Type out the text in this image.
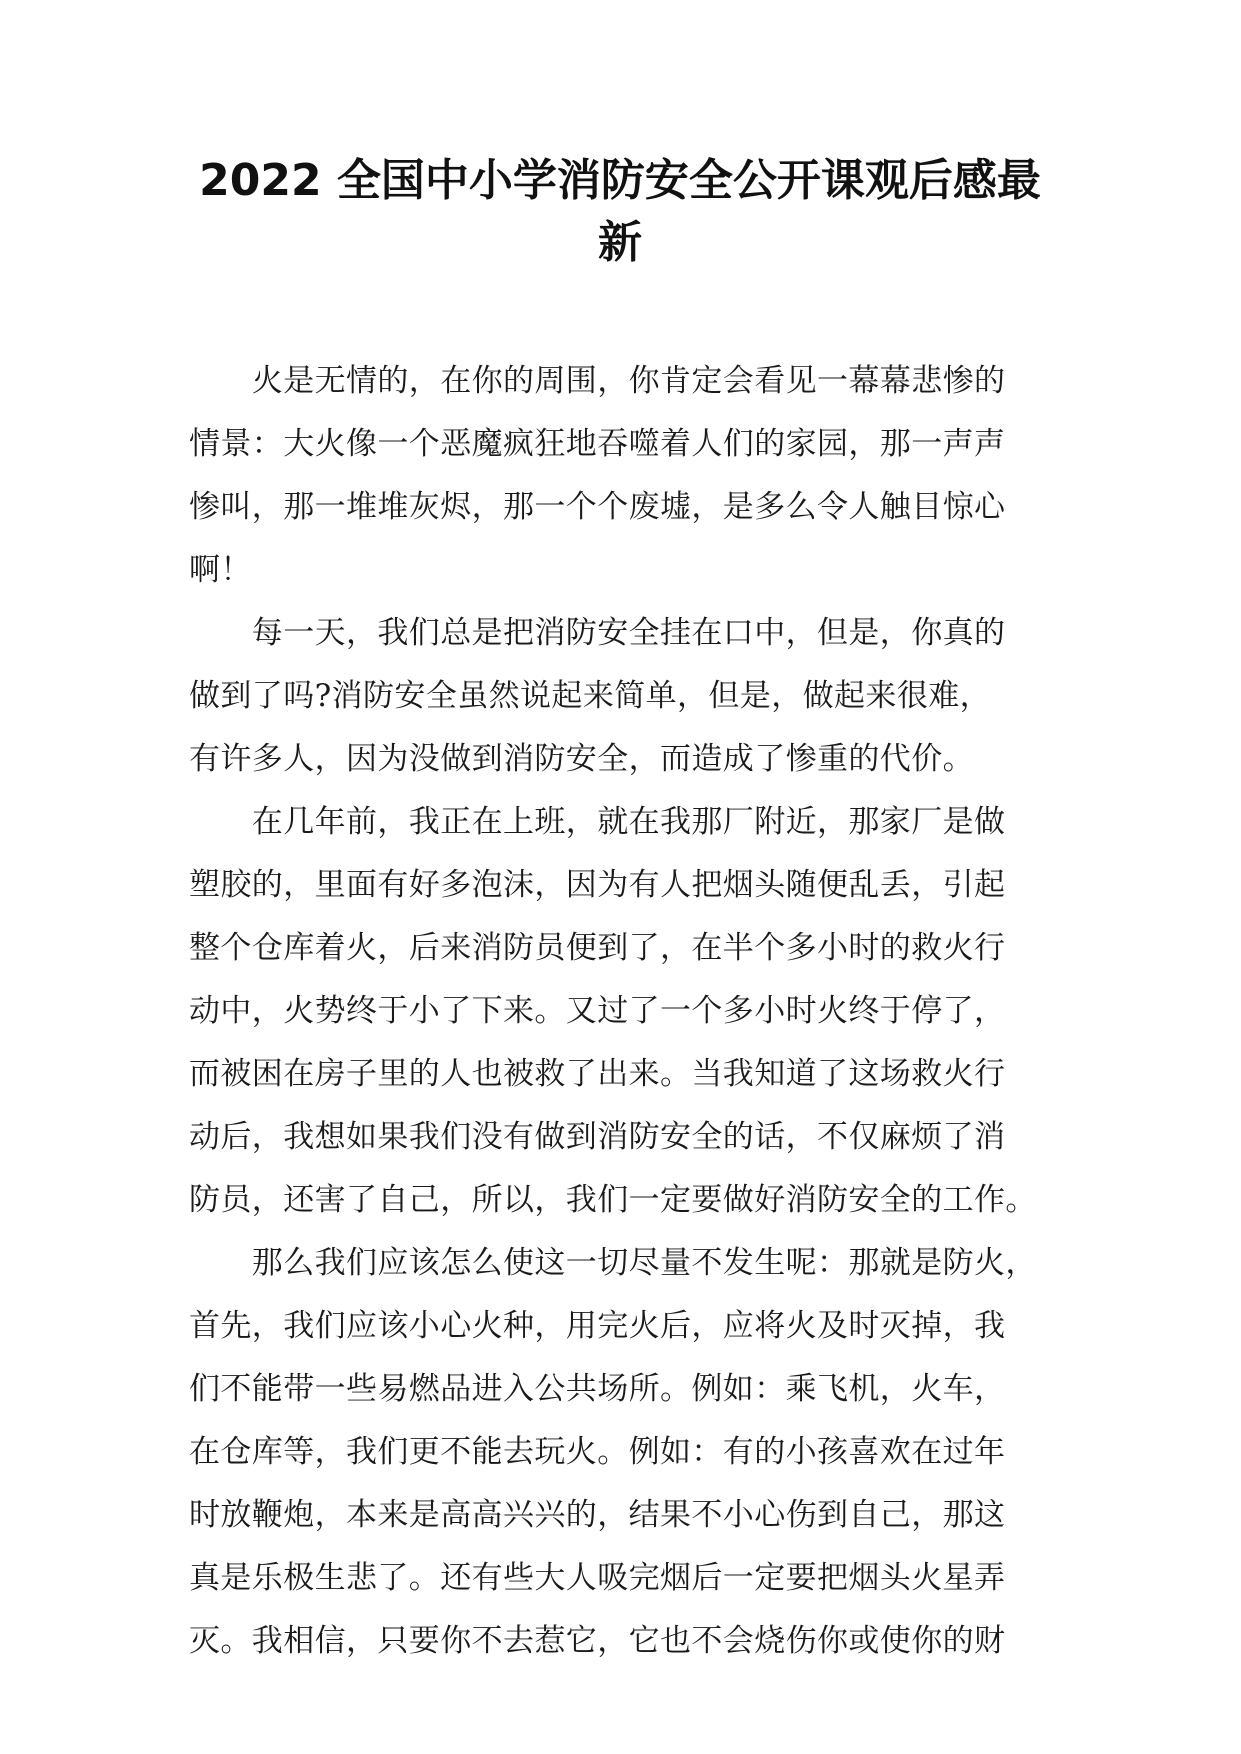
2022 全国中小学消防安全公开课观后感最
新
　　火是无情的，在你的周围，你肯定会看见一幕幕悲惨的
情景：大火像一个恶魔疯狂地吞噬着人们的家园，那一声声
惨叫，那一堆堆灰烬，那一个个废墟，是多么令人触目惊心
啊！
　　每一天，我们总是把消防安全挂在口中，但是，你真的
做到了吗?消防安全虽然说起来简单，但是，做起来很难，
有许多人，因为没做到消防安全，而造成了惨重的代价。
　　在几年前，我正在上班，就在我那厂附近，那家厂是做
塑胶的，里面有好多泡沫，因为有人把烟头随便乱丢，引起
整个仓库着火，后来消防员便到了，在半个多小时的救火行
动中，火势终于小了下来。又过了一个多小时火终于停了，
而被困在房子里的人也被救了出来。当我知道了这场救火行
动后，我想如果我们没有做到消防安全的话，不仅麻烦了消
防员，还害了自己，所以，我们一定要做好消防安全的工作。
　　那么我们应该怎么使这一切尽量不发生呢：那就是防火，
首先，我们应该小心火种，用完火后，应将火及时灭掉，我
们不能带一些易燃品进入公共场所。例如：乘飞机，火车，
在仓库等，我们更不能去玩火。例如：有的小孩喜欢在过年
时放鞭炮，本来是高高兴兴的，结果不小心伤到自己，那这
真是乐极生悲了。还有些大人吸完烟后一定要把烟头火星弄
灭。我相信，只要你不去惹它，它也不会烧伤你或使你的财
